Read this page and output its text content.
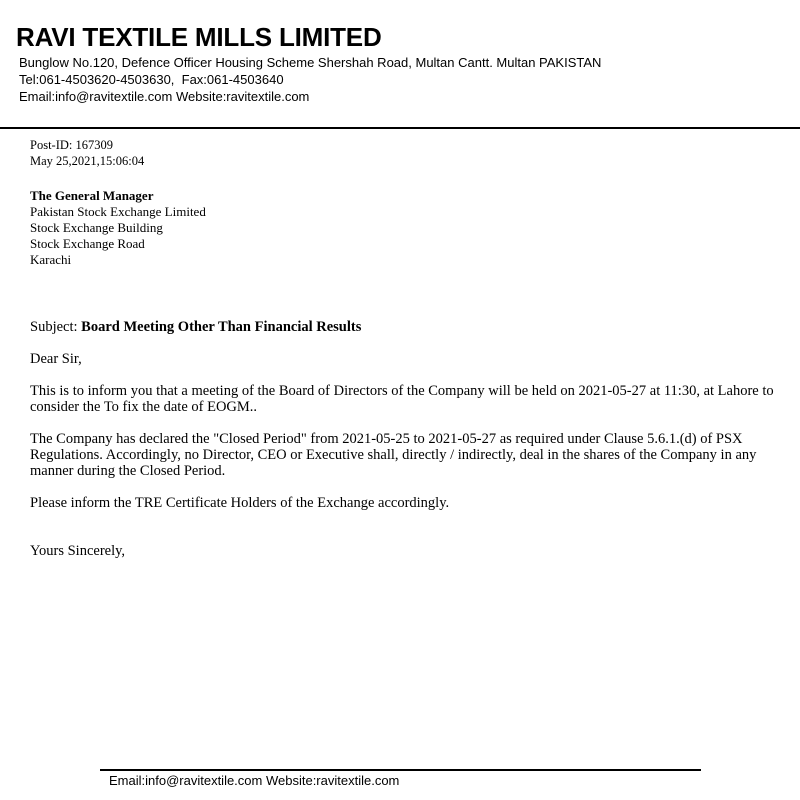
RAVI TEXTILE MILLS LIMITED
Bunglow No.120, Defence Officer Housing Scheme Shershah Road, Multan Cantt. Multan PAKISTAN
Tel:061-4503620-4503630,  Fax:061-4503640
Email:info@ravitextile.com Website:ravitextile.com
Post-ID: 167309
May 25,2021,15:06:04
The General Manager
Pakistan Stock Exchange Limited
Stock Exchange Building
Stock Exchange Road
Karachi
Subject: Board Meeting Other Than Financial Results
Dear Sir,
This is to inform you that a meeting of the Board of Directors of the Company will be held on 2021-05-27 at 11:30, at Lahore to consider the To fix the date of EOGM..
The Company has declared the "Closed Period" from 2021-05-25 to 2021-05-27 as required under Clause 5.6.1.(d) of PSX Regulations. Accordingly, no Director, CEO or Executive shall, directly / indirectly, deal in the shares of the Company in any manner during the Closed Period.
Please inform the TRE Certificate Holders of the Exchange accordingly.
Yours Sincerely,
Email:info@ravitextile.com Website:ravitextile.com
